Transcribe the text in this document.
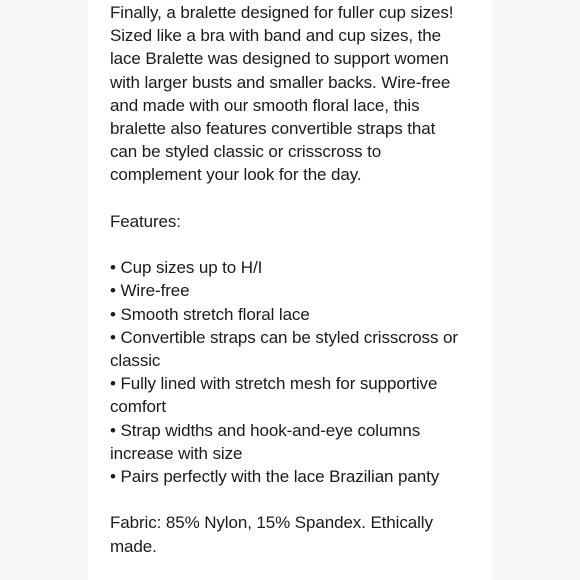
Finally, a bralette designed for fuller cup sizes!
Sized like a bra with band and cup sizes, the
lace Bralette was designed to support women
with larger busts and smaller backs. Wire-free
and made with our smooth floral lace, this
bralette also features convertible straps that
can be styled classic or crisscross to
complement your look for the day.

Features:

• Cup sizes up to H/I
• Wire-free
• Smooth stretch floral lace
• Convertible straps can be styled crisscross or
classic
• Fully lined with stretch mesh for supportive
comfort
• Strap widths and hook-and-eye columns
increase with size
• Pairs perfectly with the lace Brazilian panty

Fabric: 85% Nylon, 15% Spandex. Ethically
made.
